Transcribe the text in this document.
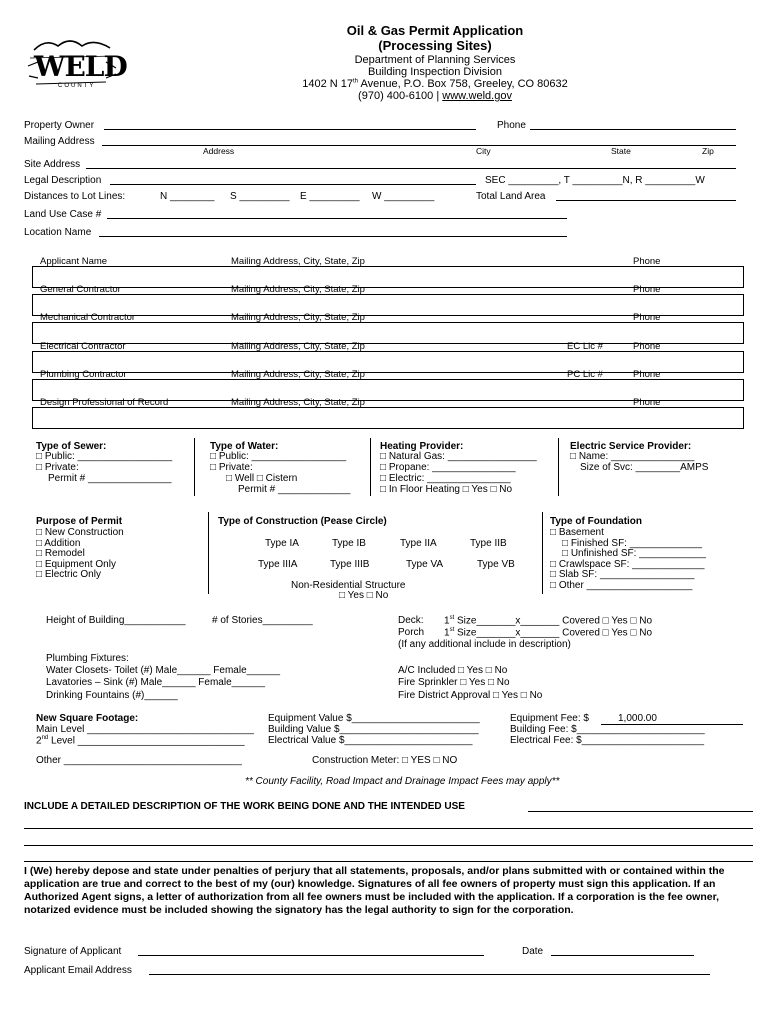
WELD
COUNTY
Oil & Gas Permit Application
(Processing Sites)
Department of Planning Services
Building Inspection Division
1402 N 17th Avenue, P.O. Box 758, Greeley, CO 80632
(970) 400-6100 | www.weld.gov
Property Owner	Phone
Mailing Address
Address	City	State	Zip
Site Address
Legal Description	SEC _________, T _________N, R _________W
Distances to Lot Lines:	N ________ S _________ E _________ W _________	Total Land Area
Land Use Case #
Location Name
Applicant Name	Mailing Address, City, State, Zip	Phone
General Contractor	Mailing Address, City, State, Zip	Phone
Mechanical Contractor	Mailing Address, City, State, Zip	Phone
Electrical Contractor	Mailing Address, City, State, Zip	EC Lic #	Phone
Plumbing Contractor	Mailing Address, City, State, Zip	PC Lic #	Phone
Design Professional of Record	Mailing Address, City, State, Zip	Phone
Type of Sewer:
□ Public: _________________
□ Private:
Permit # _______________
Type of Water:
□ Public: _________________
□ Private:
□ Well □ Cistern
Permit # _____________
Heating Provider:
□ Natural Gas: ________________
□ Propane: _______________
□ Electric: _______________
□ In Floor Heating □ Yes □ No
Electric Service Provider:
□ Name: _______________
Size of Svc: ________AMPS
Purpose of Permit
□ New Construction
□ Addition
□ Remodel
□ Equipment Only
□ Electric Only
Type of Construction (Pease Circle)
Type IA	Type IB	Type IIA	Type IIB
Type IIIA	Type IIIB	Type VA	Type VB
Non-Residential Structure
□ Yes □ No
Type of Foundation
□ Basement
□ Finished SF: _____________
□ Unfinished SF: ____________
□ Crawlspace SF: _____________
□ Slab SF: _________________
□ Other ___________________
Height of Building___________	# of Stories_________	Deck: 1st Size_______x_______ Covered □ Yes □ No
Porch 1st Size_______x_______ Covered □ Yes □ No
(If any additional include in description)
Plumbing Fixtures:
Water Closets- Toilet (#) Male______ Female______
Lavatories – Sink (#) Male______ Female______
Drinking Fountains (#)______
A/C Included □ Yes □ No
Fire Sprinkler □ Yes □ No
Fire District Approval □ Yes □ No
New Square Footage:
Main Level ______________________________
2nd Level ______________________________
Equipment Value $_______________________
Building Value $_________________________
Electrical Value $_______________________
Equipment Fee: $	1,000.00
Building Fee: $_______________________
Electrical Fee: $______________________
Other ________________________________	Construction Meter: □ YES □ NO
** County Facility, Road Impact and Drainage Impact Fees may apply**
INCLUDE A DETAILED DESCRIPTION OF THE WORK BEING DONE AND THE INTENDED USE
I (We) hereby depose and state under penalties of perjury that all statements, proposals, and/or plans submitted with or contained within the application are true and correct to the best of my (our) knowledge. Signatures of all fee owners of property must sign this application. If an Authorized Agent signs, a letter of authorization from all fee owners must be included with the application. If a corporation is the fee owner, notarized evidence must be included showing the signatory has the legal authority to sign for the corporation.
Signature of Applicant	Date
Applicant Email Address
